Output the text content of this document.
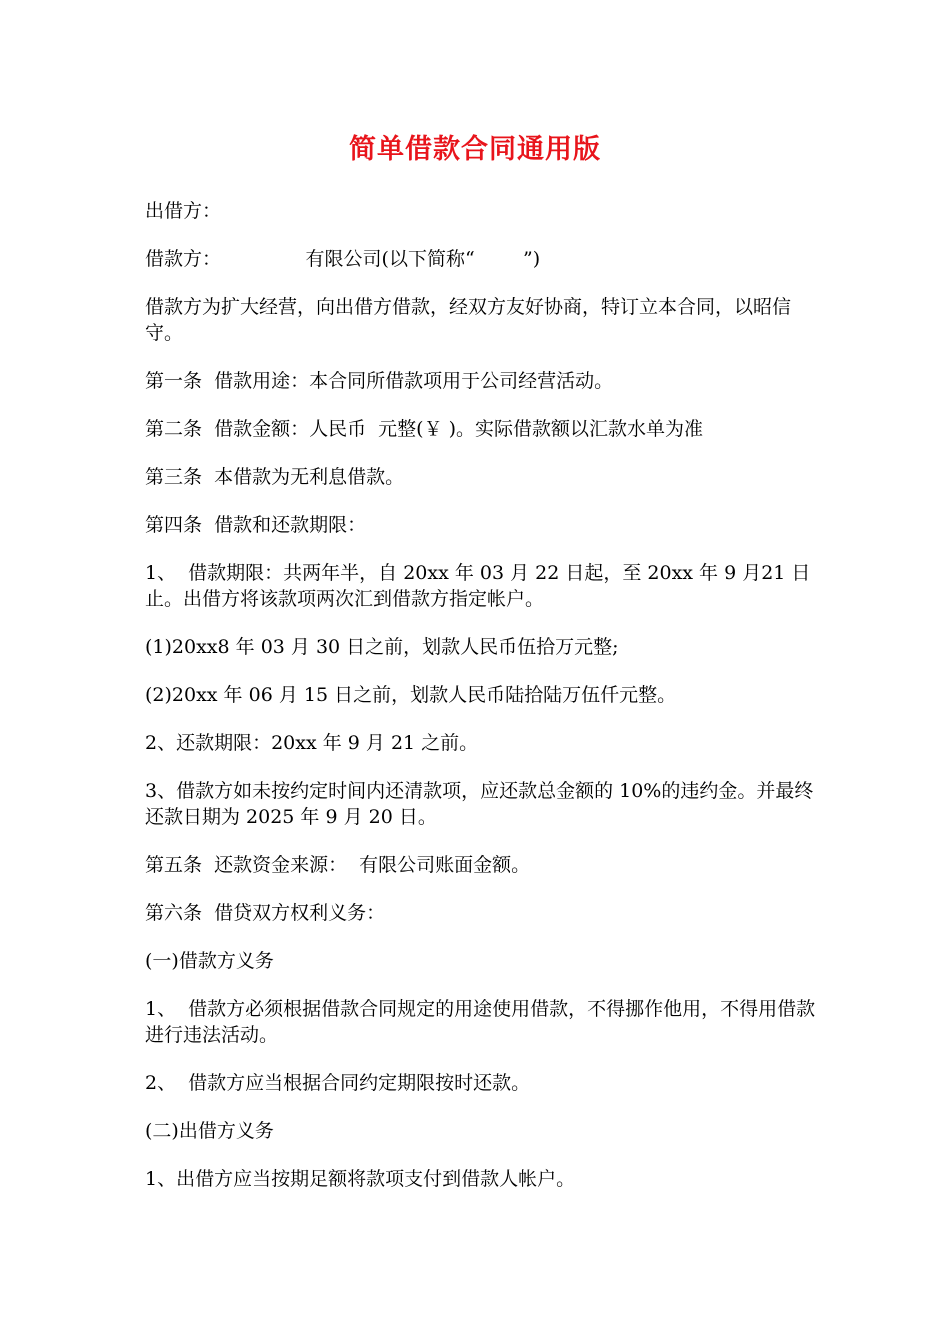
简单借款合同通用版
出借方：
借款方：              有限公司(以下简称“        ”)
借款方为扩大经营，向出借方借款，经双方友好协商，特订立本合同，以昭信守。
第一条  借款用途：本合同所借款项用于公司经营活动。
第二条  借款金额：人民币  元整(￥ )。实际借款额以汇款水单为准
第三条  本借款为无利息借款。
第四条  借款和还款期限：
1、  借款期限：共两年半，自 20xx 年 03 月 22 日起，至 20xx 年 9 月21 日止。出借方将该款项两次汇到借款方指定帐户。
(1)20xx8 年 03 月 30 日之前，划款人民币伍拾万元整;
(2)20xx 年 06 月 15 日之前，划款人民币陆拾陆万伍仟元整。
2、还款期限：20xx 年 9 月 21 之前。
3、借款方如未按约定时间内还清款项，应还款总金额的 10%的违约金。并最终还款日期为 2025 年 9 月 20 日。
第五条  还款资金来源：  有限公司账面金额。
第六条  借贷双方权利义务：
(一)借款方义务
1、  借款方必须根据借款合同规定的用途使用借款，不得挪作他用，不得用借款进行违法活动。
2、  借款方应当根据合同约定期限按时还款。
(二)出借方义务
1、出借方应当按期足额将款项支付到借款人帐户。
